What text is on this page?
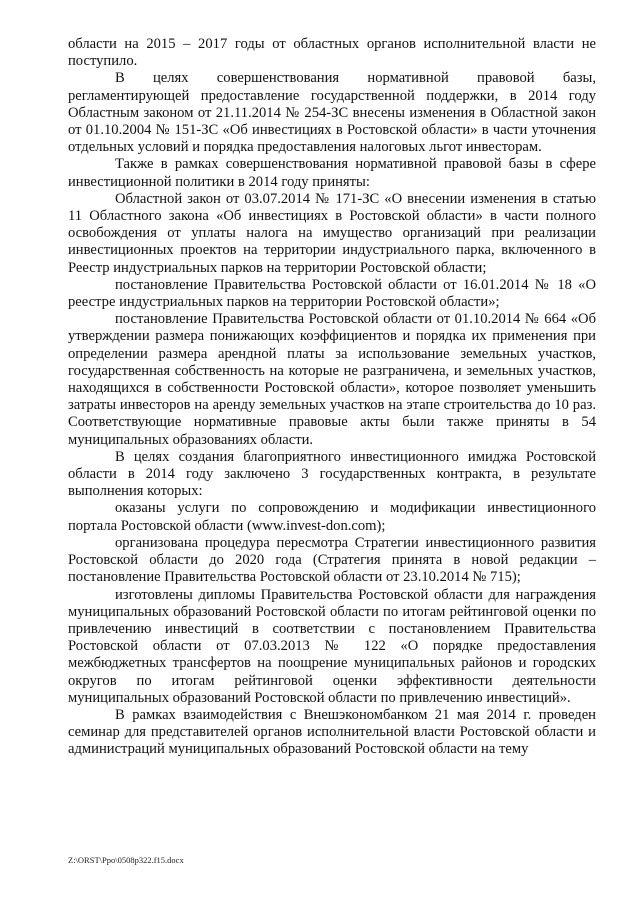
области на 2015 – 2017 годы от областных органов исполнительной власти не поступило.

В целях совершенствования нормативной правовой базы, регламентирующей предоставление государственной поддержки, в 2014 году Областным законом от 21.11.2014 № 254-ЗС внесены изменения в Областной закон от 01.10.2004 № 151-ЗС «Об инвестициях в Ростовской области» в части уточнения отдельных условий и порядка предоставления налоговых льгот инвесторам.

Также в рамках совершенствования нормативной правовой базы в сфере инвестиционной политики в 2014 году приняты:

Областной закон от 03.07.2014 № 171-ЗС «О внесении изменения в статью 11 Областного закона «Об инвестициях в Ростовской области» в части полного освобождения от уплаты налога на имущество организаций при реализации инвестиционных проектов на территории индустриального парка, включенного в Реестр индустриальных парков на территории Ростовской области;

постановление Правительства Ростовской области от 16.01.2014 № 18 «О реестре индустриальных парков на территории Ростовской области»;

постановление Правительства Ростовской области от 01.10.2014 № 664 «Об утверждении размера понижающих коэффициентов и порядка их применения при определении размера арендной платы за использование земельных участков, государственная собственность на которые не разграничена, и земельных участков, находящихся в собственности Ростовской области», которое позволяет уменьшить затраты инвесторов на аренду земельных участков на этапе строительства до 10 раз. Соответствующие нормативные правовые акты были также приняты в 54 муниципальных образованиях области.

В целях создания благоприятного инвестиционного имиджа Ростовской области в 2014 году заключено 3 государственных контракта, в результате выполнения которых:

оказаны услуги по сопровождению и модификации инвестиционного портала Ростовской области (www.invest-don.com);

организована процедура пересмотра Стратегии инвестиционного развития Ростовской области до 2020 года (Стратегия принята в новой редакции – постановление Правительства Ростовской области от 23.10.2014 № 715);

изготовлены дипломы Правительства Ростовской области для награждения муниципальных образований Ростовской области по итогам рейтинговой оценки по привлечению инвестиций в соответствии с постановлением Правительства Ростовской области от 07.03.2013 № 122 «О порядке предоставления межбюджетных трансфертов на поощрение муниципальных районов и городских округов по итогам рейтинговой оценки эффективности деятельности муниципальных образований Ростовской области по привлечению инвестиций».

В рамках взаимодействия с Внешэкономбанком 21 мая 2014 г. проведен семинар для представителей органов исполнительной власти Ростовской области и администраций муниципальных образований Ростовской области на тему

Z:\ORST\Ppo\0508p322.f15.docx
